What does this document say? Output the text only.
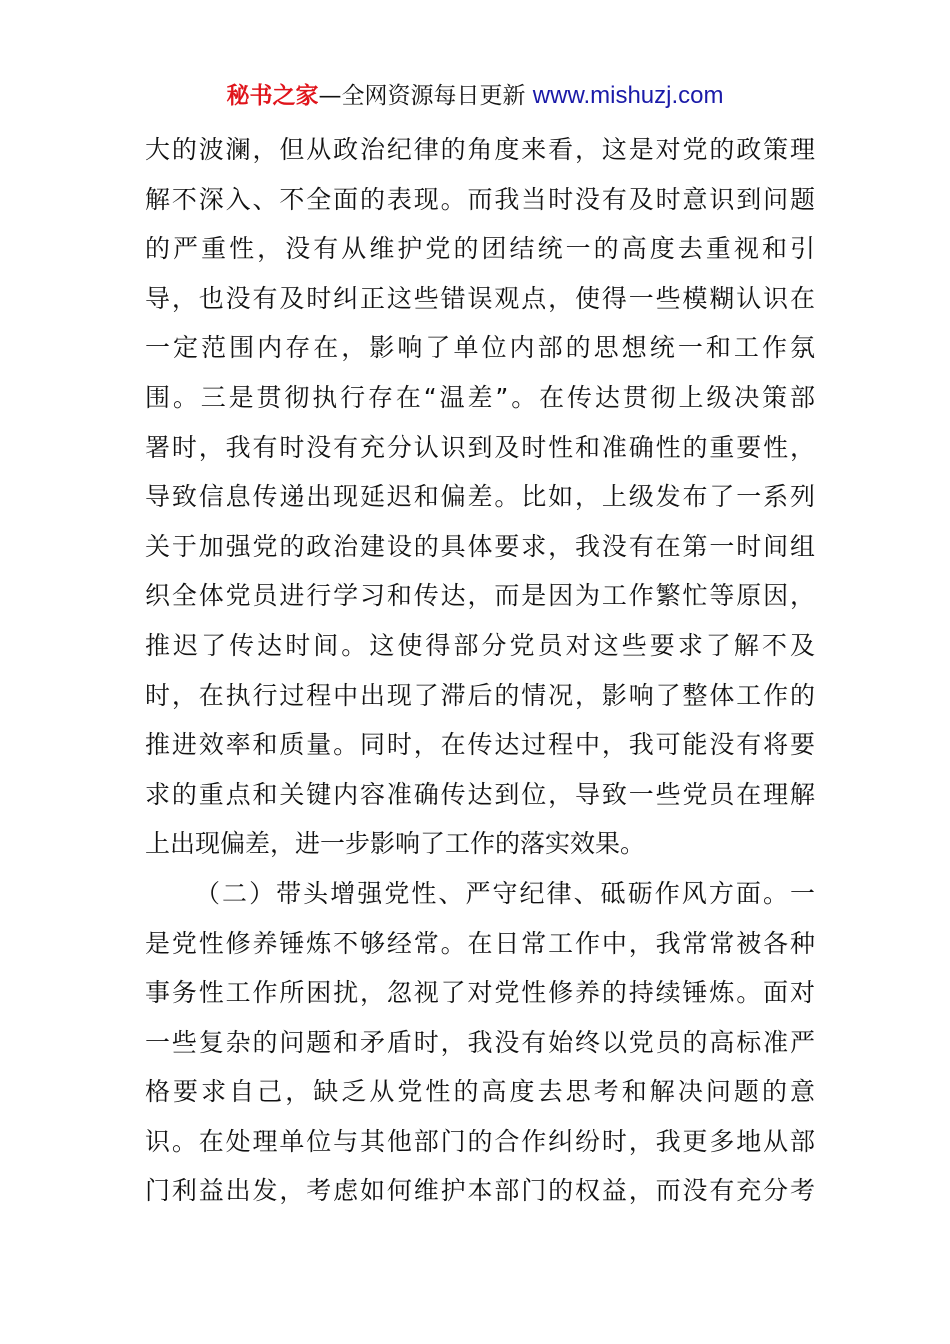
秘书之家—全网资源每日更新 www.mishuzj.com
大的波澜，但从政治纪律的角度来看，这是对党的政策理
解不深入、不全面的表现。而我当时没有及时意识到问题
的严重性，没有从维护党的团结统一的高度去重视和引
导，也没有及时纠正这些错误观点，使得一些模糊认识在
一定范围内存在，影响了单位内部的思想统一和工作氛
围。三是贯彻执行存在“温差”。在传达贯彻上级决策部
署时，我有时没有充分认识到及时性和准确性的重要性，
导致信息传递出现延迟和偏差。比如，上级发布了一系列
关于加强党的政治建设的具体要求，我没有在第一时间组
织全体党员进行学习和传达，而是因为工作繁忙等原因，
推迟了传达时间。这使得部分党员对这些要求了解不及
时，在执行过程中出现了滞后的情况，影响了整体工作的
推进效率和质量。同时，在传达过程中，我可能没有将要
求的重点和关键内容准确传达到位，导致一些党员在理解
上出现偏差，进一步影响了工作的落实效果。
（二）带头增强党性、严守纪律、砥砺作风方面。一
是党性修养锤炼不够经常。在日常工作中，我常常被各种
事务性工作所困扰，忽视了对党性修养的持续锤炼。面对
一些复杂的问题和矛盾时，我没有始终以党员的高标准严
格要求自己，缺乏从党性的高度去思考和解决问题的意
识。在处理单位与其他部门的合作纠纷时，我更多地从部
门利益出发，考虑如何维护本部门的权益，而没有充分考
